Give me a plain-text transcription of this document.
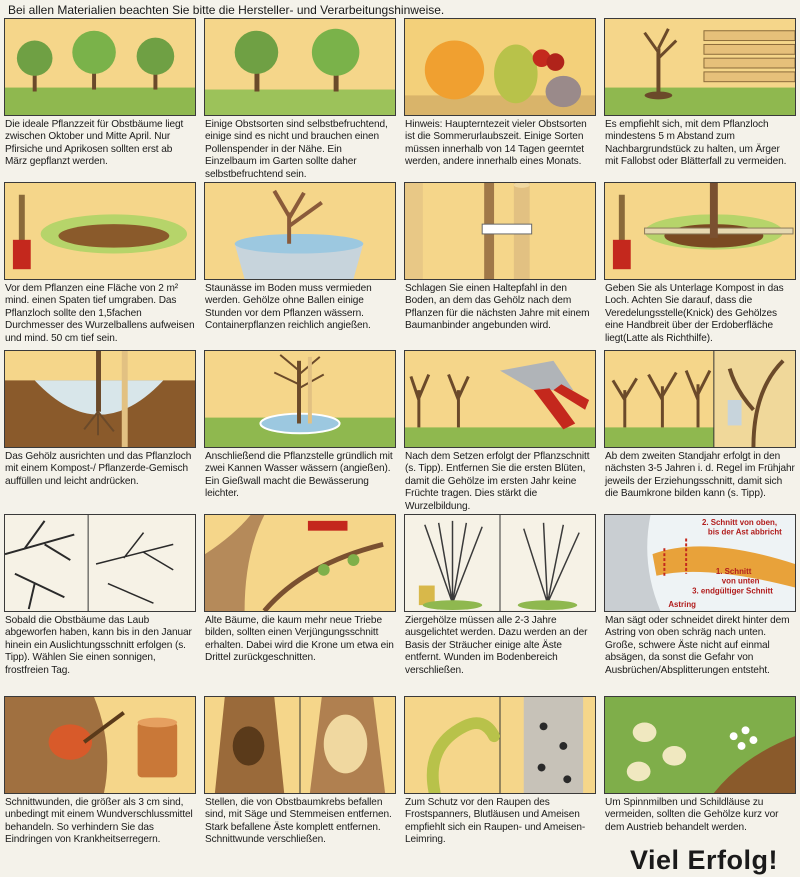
Bei allen Materialien beachten Sie bitte die Hersteller- und Verarbeitungshinweise.
Die ideale Pflanzzeit für Obstbäume liegt zwischen Oktober und Mitte April. Nur Pfirsiche und Aprikosen sollten erst ab März gepflanzt werden.
Einige Obstsorten sind selbstbefruchtend, einige sind es nicht und brauchen einen Pollenspender in der Nähe. Ein Einzelbaum im Garten sollte daher selbstbefruchtend sein.
Hinweis: Haupterntezeit vieler Obstsorten ist die Sommerurlaubszeit. Einige Sorten müssen innerhalb von 14 Tagen geerntet werden, andere innerhalb eines Monats.
Es empfiehlt sich, mit dem Pflanzloch mindestens 5 m Abstand zum Nachbargrundstück zu halten, um Ärger mit Fallobst oder Blätterfall zu vermeiden.
Vor dem Pflanzen eine Fläche von 2 m² mind. einen Spaten tief umgraben. Das Pflanzloch sollte den 1,5fachen Durchmesser des Wurzelballens aufweisen und mind. 50 cm tief sein.
Staunässe im Boden muss vermieden werden. Gehölze ohne Ballen einige Stunden vor dem Pflanzen wässern. Containerpflanzen reichlich angießen.
Schlagen Sie einen Haltepfahl in den Boden, an dem das Gehölz nach dem Pflanzen für die nächsten Jahre mit einem Baumanbinder angebunden wird.
Geben Sie als Unterlage Kompost in das Loch. Achten Sie darauf, dass die Veredelungsstelle(Knick) des Gehölzes eine Handbreit über der Erdoberfläche liegt(Latte als Richthilfe).
Das Gehölz ausrichten und das Pflanzloch mit einem Kompost-/ Pflanzerde-Gemisch auffüllen und leicht andrücken.
Anschließend die Pflanzstelle gründlich mit zwei Kannen Wasser wässern (angießen). Ein Gießwall macht die Bewässerung leichter.
Nach dem Setzen erfolgt der Pflanzschnitt (s. Tipp). Entfernen Sie die ersten Blüten, damit die Gehölze im ersten Jahr keine Früchte tragen. Dies stärkt die Wurzelbildung.
Ab dem zweiten Standjahr erfolgt in den nächsten 3-5 Jahren i. d. Regel im Frühjahr jeweils der Erziehungsschnitt, damit sich die Baumkrone bilden kann (s. Tipp).
Sobald die Obstbäume das Laub abgeworfen haben, kann bis in den Januar hinein ein Auslichtungsschnitt erfolgen (s. Tipp). Wählen Sie einen sonnigen, frostfreien Tag.
Alte Bäume, die kaum mehr neue Triebe bilden, sollten einen Verjüngungsschnitt erhalten. Dabei wird die Krone um etwa ein Drittel zurückgeschnitten.
Ziergehölze müssen alle 2-3 Jahre ausgelichtet werden. Dazu werden an der Basis der Sträucher einige alte Äste entfernt. Wunden im Bodenbereich verschließen.
2. Schnitt von oben,
bis der Ast abbricht
1. Schnitt
von unten
3. endgültiger Schnitt
Astring
Man sägt oder schneidet direkt hinter dem Astring von oben schräg nach unten. Große, schwere Äste nicht auf einmal absägen, da sonst die Gefahr von Ausbrüchen/Absplitterungen entsteht.
Schnittwunden, die größer als 3 cm sind, unbedingt mit einem Wundverschlussmittel behandeln. So verhindern Sie das Eindringen von Krankheitserregern.
Stellen, die von Obstbaumkrebs befallen sind, mit Säge und Stemmeisen entfernen. Stark befallene Äste komplett entfernen. Schnittwunde verschließen.
Zum Schutz vor den Raupen des Frostspanners, Blutläusen und Ameisen empfiehlt sich ein Raupen- und Ameisen-Leimring.
Um Spinnmilben und Schildläuse zu vermeiden, sollten die Gehölze kurz vor dem Austrieb behandelt werden.
Viel Erfolg!
